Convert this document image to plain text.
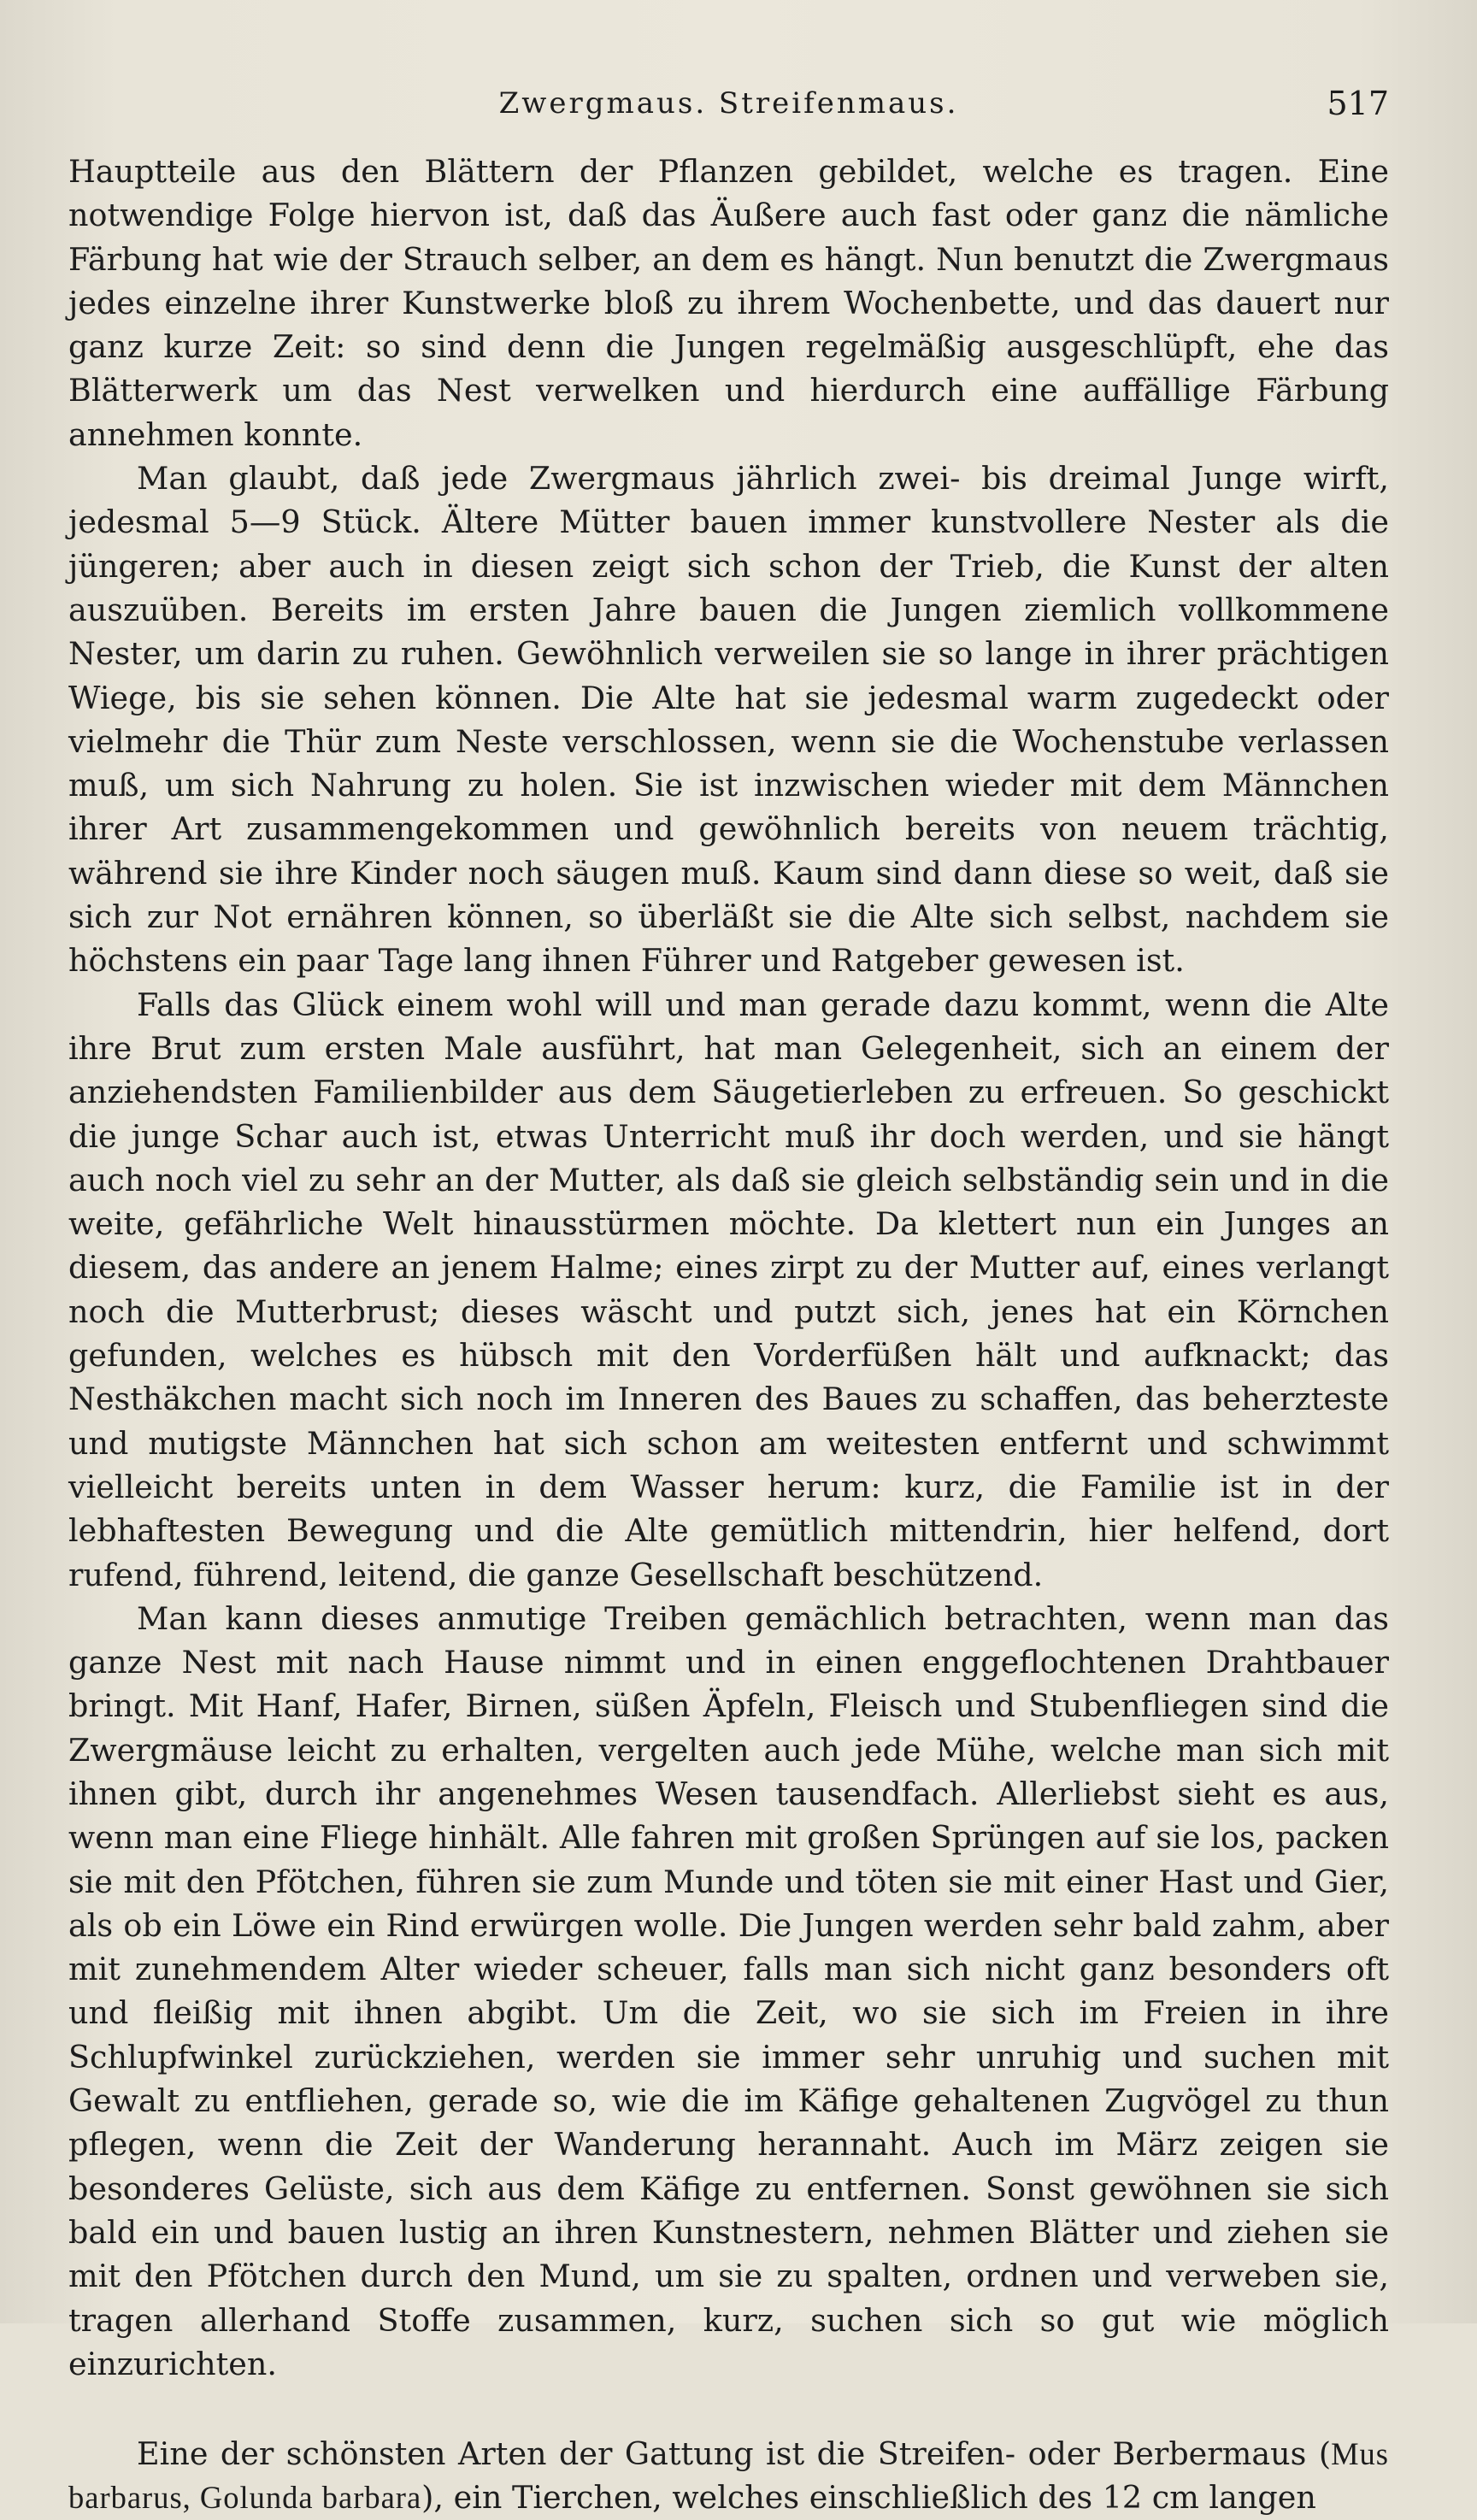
Zwergmaus. Streifenmaus.	517

Hauptteile aus den Blättern der Pflanzen gebildet, welche es tragen. Eine notwendige Folge hiervon ist, daß das Äußere auch fast oder ganz die nämliche Färbung hat wie der Strauch selber, an dem es hängt. Nun benutzt die Zwergmaus jedes einzelne ihrer Kunstwerke bloß zu ihrem Wochenbette, und das dauert nur ganz kurze Zeit: so sind denn die Jungen regelmäßig ausgeschlüpft, ehe das Blätterwerk um das Nest verwelken und hierdurch eine auffällige Färbung annehmen konnte.

Man glaubt, daß jede Zwergmaus jährlich zwei- bis dreimal Junge wirft, jedesmal 5—9 Stück. Ältere Mütter bauen immer kunstvollere Nester als die jüngeren; aber auch in diesen zeigt sich schon der Trieb, die Kunst der alten auszuüben. Bereits im ersten Jahre bauen die Jungen ziemlich vollkommene Nester, um darin zu ruhen. Gewöhnlich verweilen sie so lange in ihrer prächtigen Wiege, bis sie sehen können. Die Alte hat sie jedesmal warm zugedeckt oder vielmehr die Thür zum Neste verschlossen, wenn sie die Wochenstube verlassen muß, um sich Nahrung zu holen. Sie ist inzwischen wieder mit dem Männchen ihrer Art zusammengekommen und gewöhnlich bereits von neuem trächtig, während sie ihre Kinder noch säugen muß. Kaum sind dann diese so weit, daß sie sich zur Not ernähren können, so überläßt sie die Alte sich selbst, nachdem sie höchstens ein paar Tage lang ihnen Führer und Ratgeber gewesen ist.

Falls das Glück einem wohl will und man gerade dazu kommt, wenn die Alte ihre Brut zum ersten Male ausführt, hat man Gelegenheit, sich an einem der anziehendsten Familienbilder aus dem Säugetierleben zu erfreuen. So geschickt die junge Schar auch ist, etwas Unterricht muß ihr doch werden, und sie hängt auch noch viel zu sehr an der Mutter, als daß sie gleich selbständig sein und in die weite, gefährliche Welt hinausstürmen möchte. Da klettert nun ein Junges an diesem, das andere an jenem Halme; eines zirpt zu der Mutter auf, eines verlangt noch die Mutterbrust; dieses wäscht und putzt sich, jenes hat ein Körnchen gefunden, welches es hübsch mit den Vorderfüßen hält und aufknackt; das Nesthäkchen macht sich noch im Inneren des Baues zu schaffen, das beherzteste und mutigste Männchen hat sich schon am weitesten entfernt und schwimmt vielleicht bereits unten in dem Wasser herum: kurz, die Familie ist in der lebhaftesten Bewegung und die Alte gemütlich mittendrin, hier helfend, dort rufend, führend, leitend, die ganze Gesellschaft beschützend.

Man kann dieses anmutige Treiben gemächlich betrachten, wenn man das ganze Nest mit nach Hause nimmt und in einen enggeflochtenen Drahtbauer bringt. Mit Hanf, Hafer, Birnen, süßen Äpfeln, Fleisch und Stubenfliegen sind die Zwergmäuse leicht zu erhalten, vergelten auch jede Mühe, welche man sich mit ihnen gibt, durch ihr angenehmes Wesen tausendfach. Allerliebst sieht es aus, wenn man eine Fliege hinhält. Alle fahren mit großen Sprüngen auf sie los, packen sie mit den Pfötchen, führen sie zum Munde und töten sie mit einer Hast und Gier, als ob ein Löwe ein Rind erwürgen wolle. Die Jungen werden sehr bald zahm, aber mit zunehmendem Alter wieder scheuer, falls man sich nicht ganz besonders oft und fleißig mit ihnen abgibt. Um die Zeit, wo sie sich im Freien in ihre Schlupfwinkel zurückziehen, werden sie immer sehr unruhig und suchen mit Gewalt zu entfliehen, gerade so, wie die im Käfige gehaltenen Zugvögel zu thun pflegen, wenn die Zeit der Wanderung herannaht. Auch im März zeigen sie besonderes Gelüste, sich aus dem Käfige zu entfernen. Sonst gewöhnen sie sich bald ein und bauen lustig an ihren Kunstnestern, nehmen Blätter und ziehen sie mit den Pfötchen durch den Mund, um sie zu spalten, ordnen und verweben sie, tragen allerhand Stoffe zusammen, kurz, suchen sich so gut wie möglich einzurichten.

Eine der schönsten Arten der Gattung ist die Streifen- oder Berbermaus (Mus barbarus, Golunda barbara), ein Tierchen, welches einschließlich des 12 cm langen
